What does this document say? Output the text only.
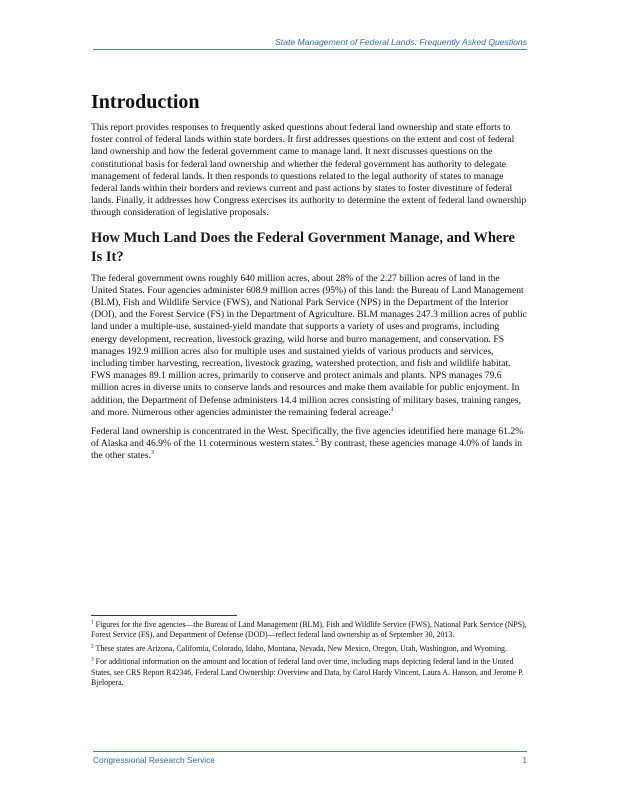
State Management of Federal Lands: Frequently Asked Questions
Introduction

This report provides responses to frequently asked questions about federal land ownership and state efforts to foster control of federal lands within state borders. It first addresses questions on the extent and cost of federal land ownership and how the federal government came to manage land. It next discusses questions on the constitutional basis for federal land ownership and whether the federal government has authority to delegate management of federal lands. It then responds to questions related to the legal authority of states to manage federal lands within their borders and reviews current and past actions by states to foster divestiture of federal lands. Finally, it addresses how Congress exercises its authority to determine the extent of federal land ownership through consideration of legislative proposals.

How Much Land Does the Federal Government Manage, and Where Is It?

The federal government owns roughly 640 million acres, about 28% of the 2.27 billion acres of land in the United States. Four agencies administer 608.9 million acres (95%) of this land: the Bureau of Land Management (BLM), Fish and Wildlife Service (FWS), and National Park Service (NPS) in the Department of the Interior (DOI), and the Forest Service (FS) in the Department of Agriculture. BLM manages 247.3 million acres of public land under a multiple-use, sustained-yield mandate that supports a variety of uses and programs, including energy development, recreation, livestock grazing, wild horse and burro management, and conservation. FS manages 192.9 million acres also for multiple uses and sustained yields of various products and services, including timber harvesting, recreation, livestock grazing, watershed protection, and fish and wildlife habitat. FWS manages 89.1 million acres, primarily to conserve and protect animals and plants. NPS manages 79.6 million acres in diverse units to conserve lands and resources and make them available for public enjoyment. In addition, the Department of Defense administers 14.4 million acres consisting of military bases, training ranges, and more. Numerous other agencies administer the remaining federal acreage.$^1$

Federal land ownership is concentrated in the West. Specifically, the five agencies identified here manage 61.2% of Alaska and 46.9% of the 11 coterminous western states.$^2$ By contrast, these agencies manage 4.0% of lands in the other states.$^3$

$^1$ Figures for the five agencies—the Bureau of Land Management (BLM), Fish and Wildlife Service (FWS), National Park Service (NPS), Forest Service (FS), and Department of Defense (DOD)—reflect federal land ownership as of September 30, 2013.

$^2$ These states are Arizona, California, Colorado, Idaho, Montana, Nevada, New Mexico, Oregon, Utah, Washington, and Wyoming.

$^3$ For additional information on the amount and location of federal land over time, including maps depicting federal land in the United States, see CRS Report R42346, Federal Land Ownership: Overview and Data, by Carol Hardy Vincent, Laura A. Hanson, and Jerome P. Bjelopera.

Congressional Research Service	1
